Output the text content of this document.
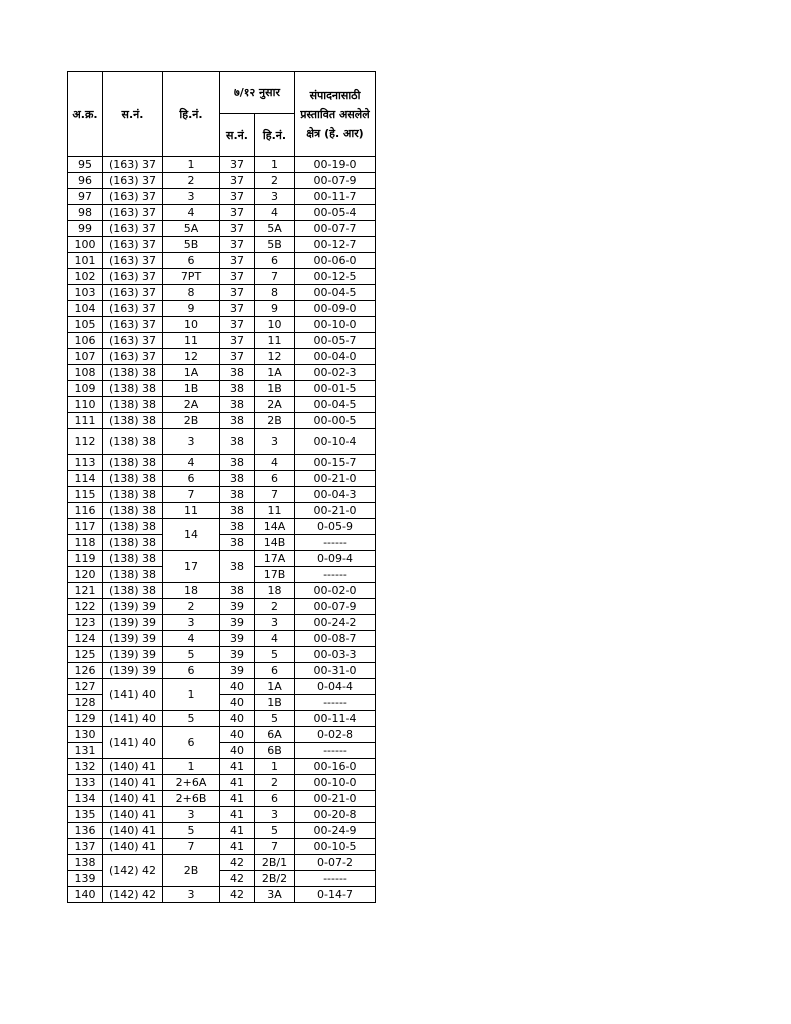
अ.क्र.	स.नं.	हि.नं.	७/१२ नुसार		संपादनासाठी प्रस्तावित असलेले क्षेत्र (हे. आर)
			स.नं.	हि.नं.	
95	(163) 37	1	37	1	00-19-0
96	(163) 37	2	37	2	00-07-9
97	(163) 37	3	37	3	00-11-7
98	(163) 37	4	37	4	00-05-4
99	(163) 37	5A	37	5A	00-07-7
100	(163) 37	5B	37	5B	00-12-7
101	(163) 37	6	37	6	00-06-0
102	(163) 37	7PT	37	7	00-12-5
103	(163) 37	8	37	8	00-04-5
104	(163) 37	9	37	9	00-09-0
105	(163) 37	10	37	10	00-10-0
106	(163) 37	11	37	11	00-05-7
107	(163) 37	12	37	12	00-04-0
108	(138) 38	1A	38	1A	00-02-3
109	(138) 38	1B	38	1B	00-01-5
110	(138) 38	2A	38	2A	00-04-5
111	(138) 38	2B	38	2B	00-00-5
112	(138) 38	3	38	3	00-10-4
113	(138) 38	4	38	4	00-15-7
114	(138) 38	6	38	6	00-21-0
115	(138) 38	7	38	7	00-04-3
116	(138) 38	11	38	11	00-21-0
117	(138) 38	14	38	14A	0-05-9
118	(138) 38		38	14B	------
119	(138) 38	17	38	17A	0-09-4
120	(138) 38			17B	------
121	(138) 38	18	38	18	00-02-0
122	(139) 39	2	39	2	00-07-9
123	(139) 39	3	39	3	00-24-2
124	(139) 39	4	39	4	00-08-7
125	(139) 39	5	39	5	00-03-3
126	(139) 39	6	39	6	00-31-0
127	(141) 40	1	40	1A	0-04-4
128			40	1B	------
129	(141) 40	5	40	5	00-11-4
130	(141) 40	6	40	6A	0-02-8
131			40	6B	------
132	(140) 41	1	41	1	00-16-0
133	(140) 41	2+6A	41	2	00-10-0
134	(140) 41	2+6B	41	6	00-21-0
135	(140) 41	3	41	3	00-20-8
136	(140) 41	5	41	5	00-24-9
137	(140) 41	7	41	7	00-10-5
138	(142) 42	2B	42	2B/1	0-07-2
139			42	2B/2	------
140	(142) 42	3	42	3A	0-14-7
